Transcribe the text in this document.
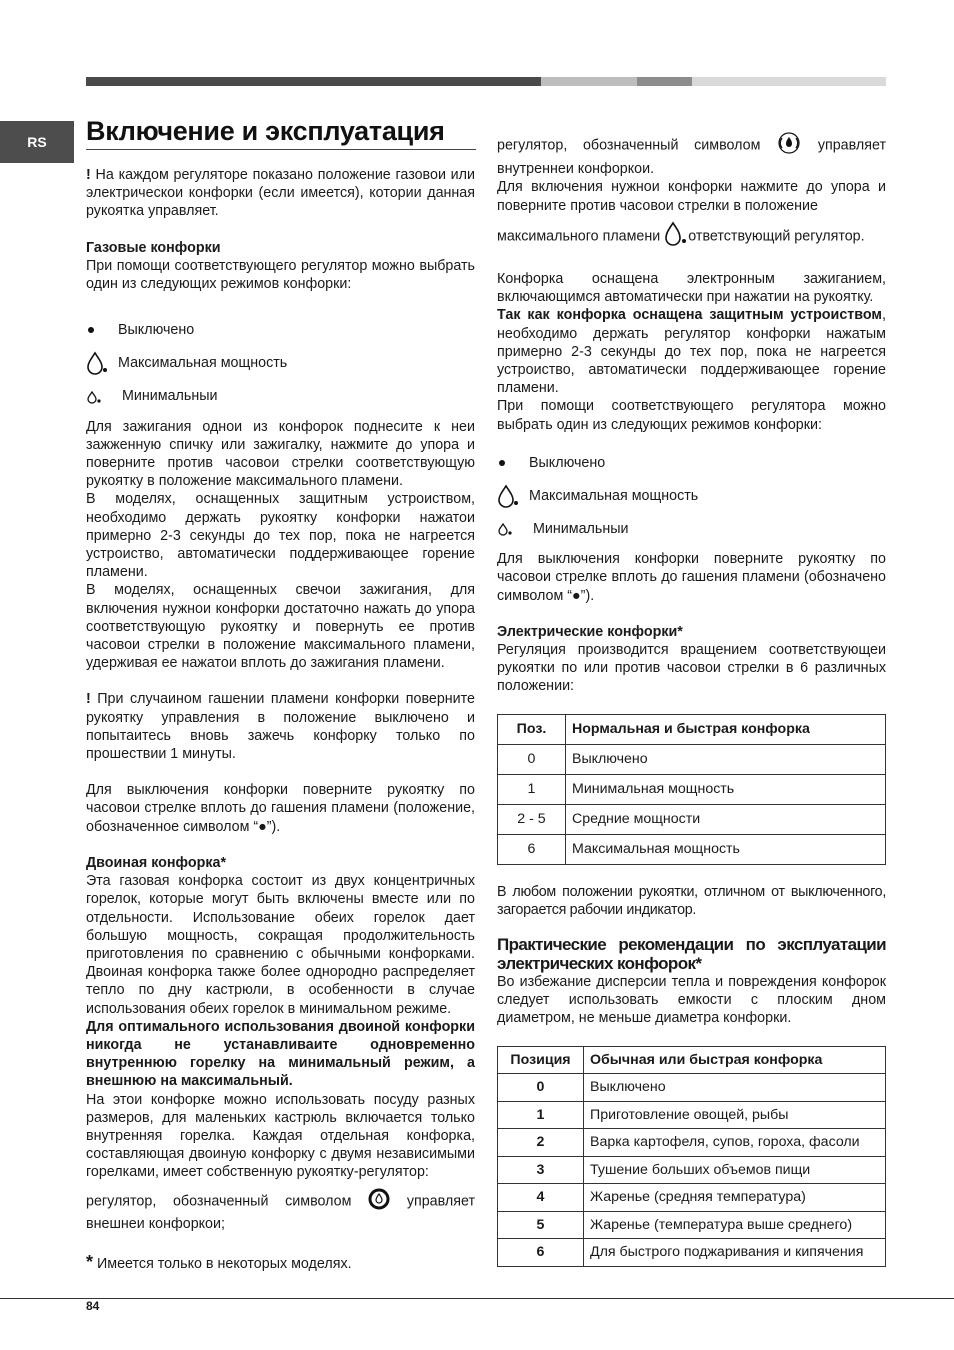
RS	Включение и эксплуатация

! На каждом регуляторе показано положение газовои или электрическои конфорки (если имеется), котории данная рукоятка управляет.

Газовые конфорки

При помощи соответствующего регулятор можно выбрать один из следующих режимов конфорки:

Выключено
Максимальная мощность
Минимальныи

Для зажигания однои из конфорок поднесите к неи зажженную спичку или зажигалку, нажмите до упора и поверните против часовои стрелки соответствующую рукоятку в положение максимального пламени.

В моделях, оснащенных защитным устроиством, необходимо держать рукоятку конфорки нажатои примерно 2-3 секунды до тех пор, пока не нагреется устроиство, автоматически поддерживающее горение пламени.

В моделях, оснащенных свечои зажигания, для включения нужнои конфорки достаточно нажать до упора соответствующую рукоятку и повернуть ее против часовои стрелки в положение максимального пламени, удерживая ее нажатои вплоть до зажигания пламени.

! При случаином гашении пламени конфорки поверните рукоятку управления в положение выключено и попытаитесь вновь зажечь конфорку только по прошествии 1 минуты.

Для выключения конфорки поверните рукоятку по часовои стрелке вплоть до гашения пламени (положение, обозначенное символом “●”).

Двоиная конфорка*

Эта газовая конфорка состоит из двух концентричных горелок, которые могут быть включены вместе или по отдельности. Использование обеих горелок дает большую мощность, сокращая продолжительность приготовления по сравнению с обычными конфорками. Двоиная конфорка также более однородно распределяет тепло по дну кастрюли, в особенности в случае использования обеих горелок в минимальном режиме.

Для оптимального использования двоиной конфорки никогда не устанавливаите одновременно внутреннюю горелку на минимальный режим, а внешнюю на максимальный.

На этои конфорке можно использовать посуду разных размеров, для маленьких кастрюль включается только внутренняя горелка. Каждая отдельная конфорка, составляющая двоиную конфорку с двумя независимыми горелками, имеет собственную рукоятку-регулятор:

регулятор, обозначенный символом	управляет внешнеи конфоркои;

* Имеется только в некоторых моделях.

регулятор, обозначенный символом	управляет внутреннеи конфоркои.

Для включения нужнои конфорки нажмите до упора и поверните против часовои стрелки в положение

максимального пламени ответствующий регулятор.

Конфорка оснащена электронным зажиганием, включающимся автоматически при нажатии на рукоятку.

Так как конфорка оснащена защитным устроиством, необходимо держать регулятор конфорки нажатым примерно 2-3 секунды до тех пор, пока не нагреется устроиство, автоматически поддерживающее горение пламени.

При помощи соответствующего регулятора можно выбрать один из следующих режимов конфорки:

Выключено
Максимальная мощность
Минимальныи

Для выключения конфорки поверните рукоятку по часовои стрелке вплоть до гашения пламени (обозначено символом “●”).

Электрические конфорки*

Регуляция производится вращением соответствующеи рукоятки по или против часовои стрелки в 6 различных положении:

Поз.	Нормальная и быстрая конфорка
0	Выключено
1	Минимальная мощность
2 - 5	Средние мощности
6	Максимальная мощность

В любом положении рукоятки, отличном от выключенного, загорается рабочии индикатор.

Практические рекомендации по эксплуатации электрических конфорок*

Во избежание дисперсии тепла и повреждения конфорок следует использовать емкости с плоским дном диаметром, не меньше диаметра конфорки.

Позиция	Обычная или быстрая конфорка
0	Выключено
1	Приготовление овощей, рыбы
2	Варка картофеля, супов, гороха, фасоли
3	Тушение больших объемов пищи
4	Жаренье (средняя температура)
5	Жаренье (температура выше среднего)
6	Для быстрого поджаривания и кипячения
84
